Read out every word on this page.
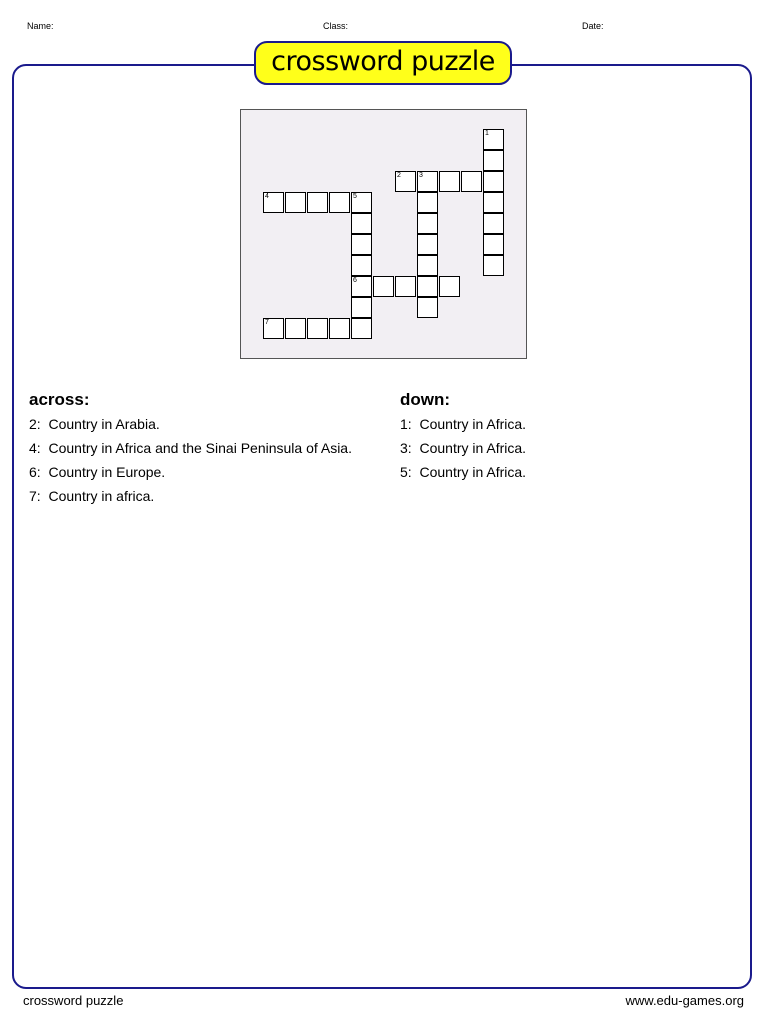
Name:	Class:	Date:
crossword puzzle
1
2	3
4	5
6
7
across:
2:  Country in Arabia.
4:  Country in Africa and the Sinai Peninsula of Asia.
6:  Country in Europe.
7:  Country in africa.
down:
1:  Country in Africa.
3:  Country in Africa.
5:  Country in Africa.
crossword puzzle	www.edu-games.org
